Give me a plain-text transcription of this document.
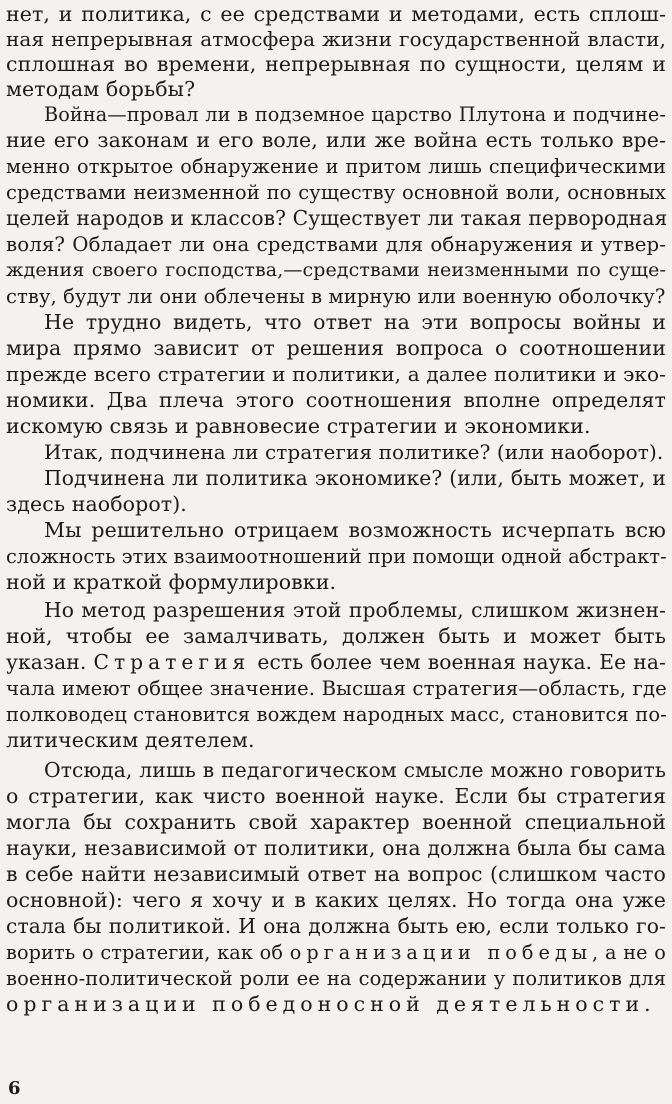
нет, и политика, с ее средствами и методами, есть сплош-
ная непрерывная атмосфера жизни государственной власти,
сплошная во времени, непрерывная по сущности, целям и
методам борьбы?
Война—провал ли в подземное царство Плутона и подчине-
ние его законам и его воле, или же война есть только вре-
менно открытое обнаружение и притом лишь специфическими
средствами неизменной по существу основной воли, основных
целей народов и классов? Существует ли такая первородная
воля? Обладает ли она средствами для обнаружения и утвер-
ждения своего господства,—средствами неизменными по суще-
ству, будут ли они облечены в мирную или военную оболочку?
Не трудно видеть, что ответ на эти вопросы войны и
мира прямо зависит от решения вопроса о соотношении
прежде всего стратегии и политики, а далее политики и эко-
номики. Два плеча этого соотношения вполне определят
искомую связь и равновесие стратегии и экономики.
Итак, подчинена ли стратегия политике? (или наоборот).
Подчинена ли политика экономике? (или, быть может, и
здесь наоборот).
Мы решительно отрицаем возможность исчерпать всю
сложность этих взаимоотношений при помощи одной абстракт-
ной и краткой формулировки.
Но метод разрешения этой проблемы, слишком жизнен-
ной, чтобы ее замалчивать, должен быть и может быть
указан. Стратегия есть более чем военная наука. Ее на-
чала имеют общее значение. Высшая стратегия—область, где
полководец становится вождем народных масс, становится по-
литическим деятелем.
Отсюда, лишь в педагогическом смысле можно говорить
о стратегии, как чисто военной науке. Если бы стратегия
могла бы сохранить свой характер военной специальной
науки, независимой от политики, она должна была бы сама
в себе найти независимый ответ на вопрос (слишком часто
основной): чего я хочу и в каких целях. Но тогда она уже
стала бы политикой. И она должна быть ею, если только го-
ворить о стратегии, как об организации победы, а не о
военно-политической роли ее на содержании у политиков для
организации победоносной деятельности.
6
